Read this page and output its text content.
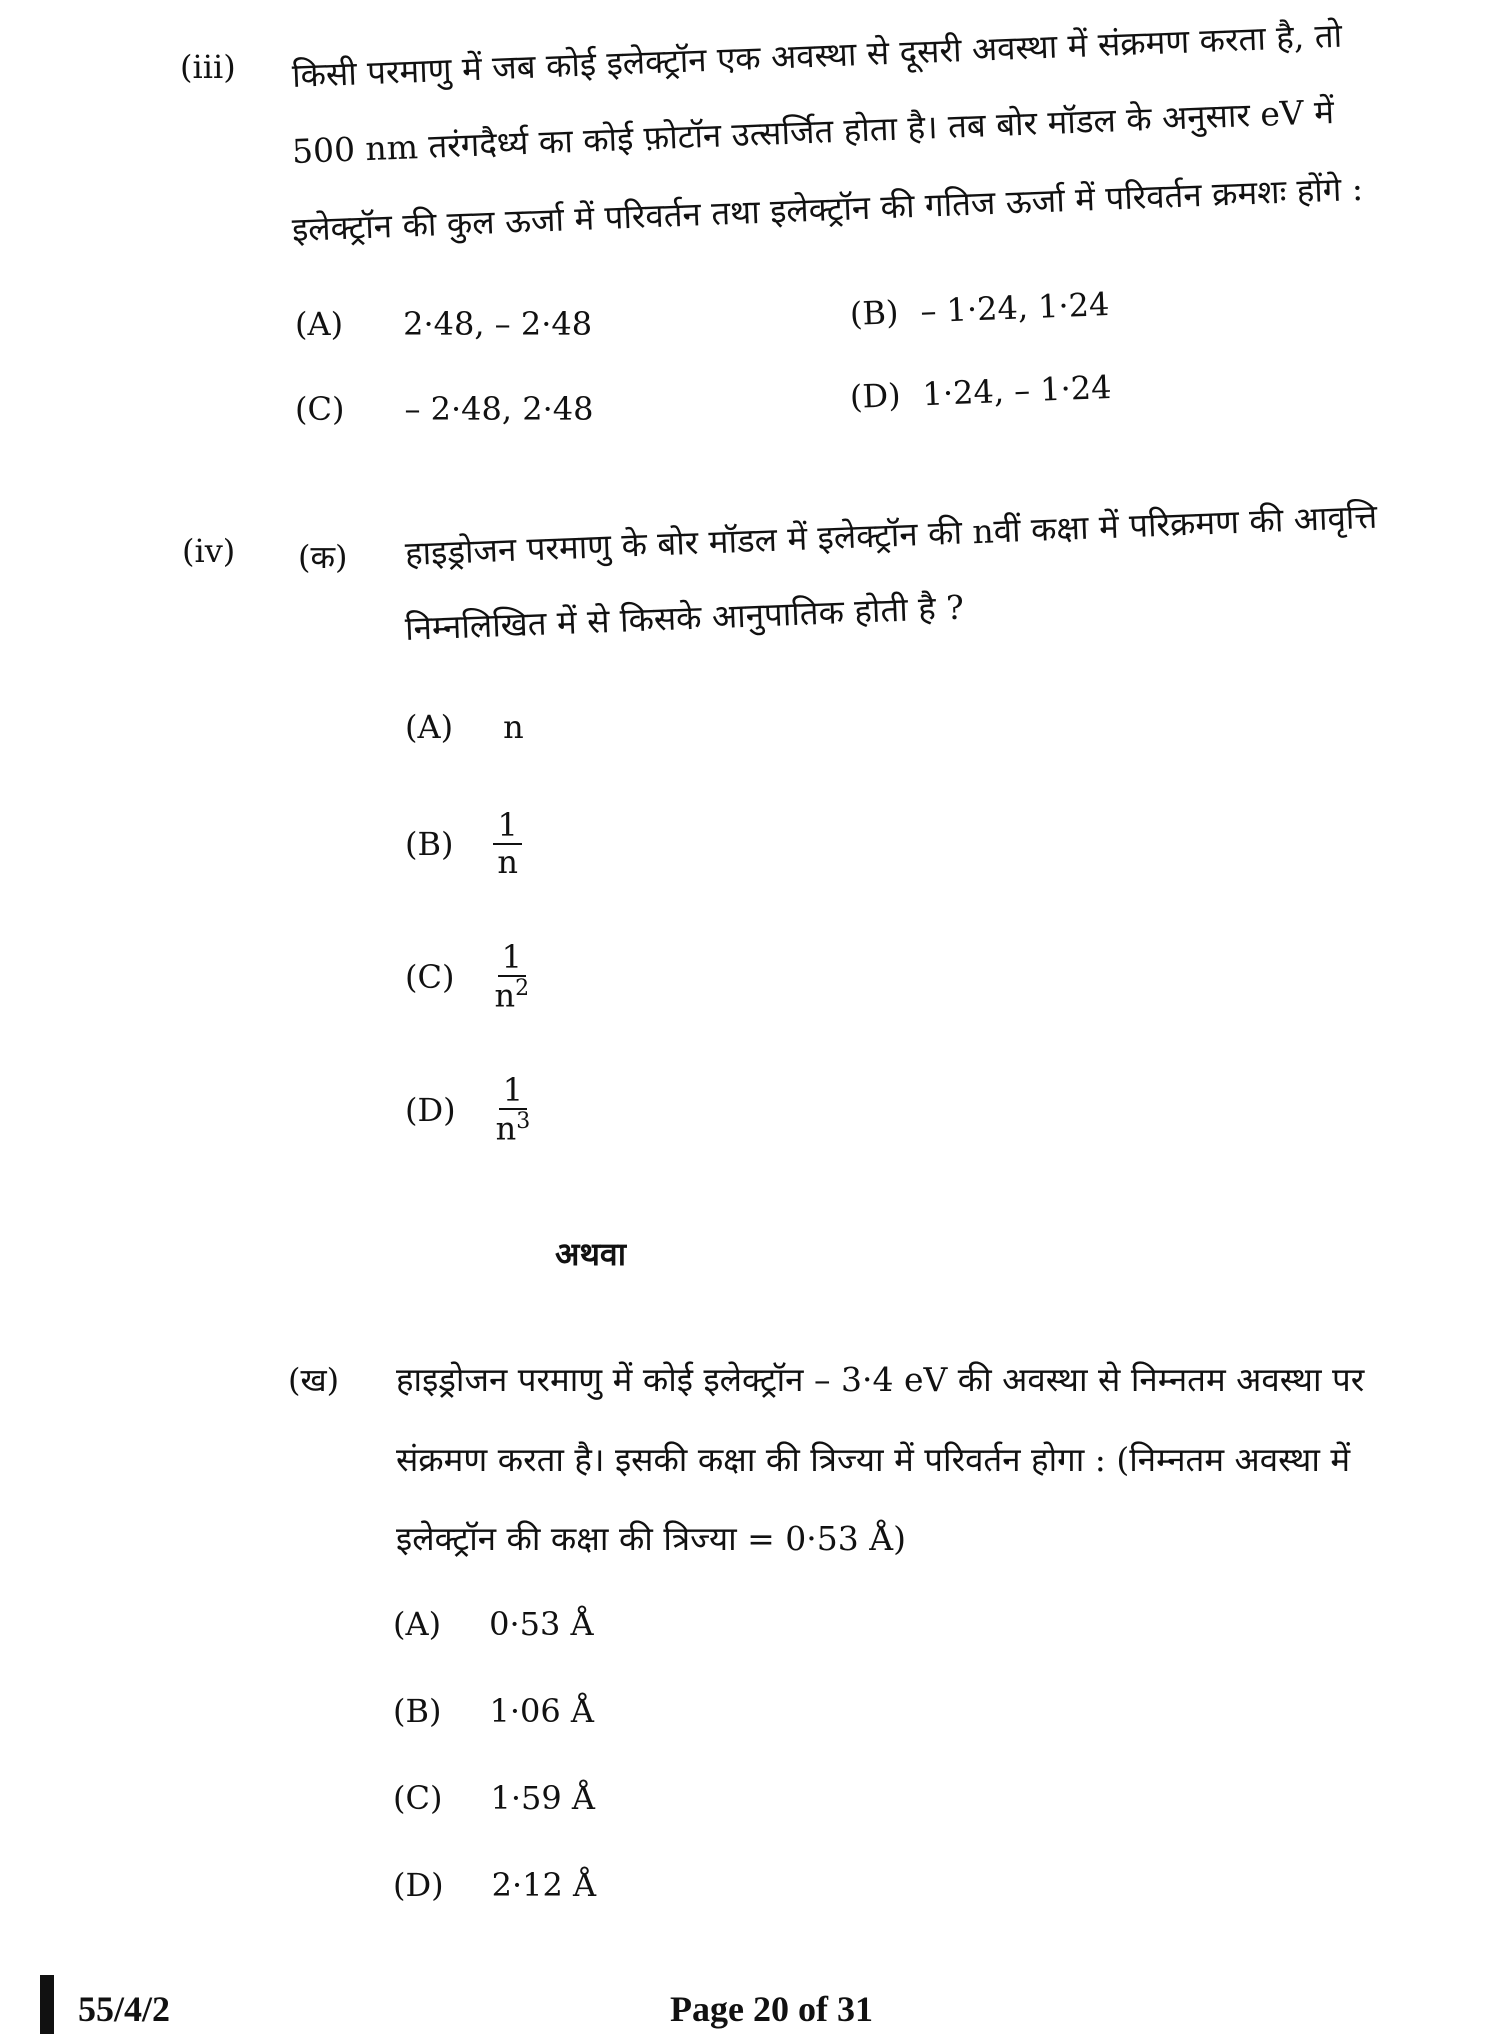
(iii) किसी परमाणु में जब कोई इलेक्ट्रॉन एक अवस्था से दूसरी अवस्था में संक्रमण करता है, तो
500 nm तरंगदैर्ध्य का कोई फ़ोटॉन उत्सर्जित होता है। तब बोर मॉडल के अनुसार eV में
इलेक्ट्रॉन की कुल ऊर्जा में परिवर्तन तथा इलेक्ट्रॉन की गतिज ऊर्जा में परिवर्तन क्रमशः होंगे :
(A) 2·48, – 2·48	(B) – 1·24, 1·24
(C) – 2·48, 2·48	(D) 1·24, – 1·24
(iv) (क) हाइड्रोजन परमाणु के बोर मॉडल में इलेक्ट्रॉन की nवीं कक्षा में परिक्रमण की आवृत्ति
निम्नलिखित में से किसके आनुपातिक होती है ?
(A) n
$(B) \frac{1}{n}$
$(C) \frac{1}{n^2}$
$(D) \frac{1}{n^3}$
अथवा
(ख) हाइड्रोजन परमाणु में कोई इलेक्ट्रॉन – 3·4 eV की अवस्था से निम्नतम अवस्था पर
संक्रमण करता है। इसकी कक्षा की त्रिज्या में परिवर्तन होगा : (निम्नतम अवस्था में
इलेक्ट्रॉन की कक्षा की त्रिज्या = 0·53 Å)
(A) 0·53 Å
(B) 1·06 Å
(C) 1·59 Å
(D) 2·12 Å
55/4/2	Page 20 of 31
